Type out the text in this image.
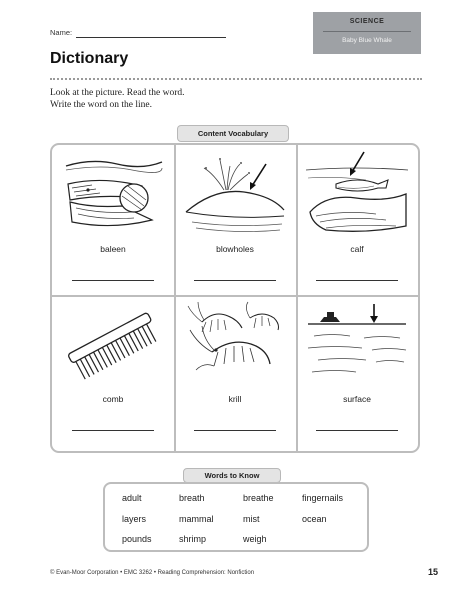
Name:
SCIENCE
Baby Blue Whale
Dictionary
Look at the picture. Read the word.
Write the word on the line.
baleen	blowholes	calf
comb	krill	surface
Content Vocabulary
Words to Know
adult	breath	breathe	fingernails
layers	mammal	mist	ocean
pounds	shrimp	weigh
© Evan-Moor Corporation • EMC 3262 • Reading Comprehension: Nonfiction	15
